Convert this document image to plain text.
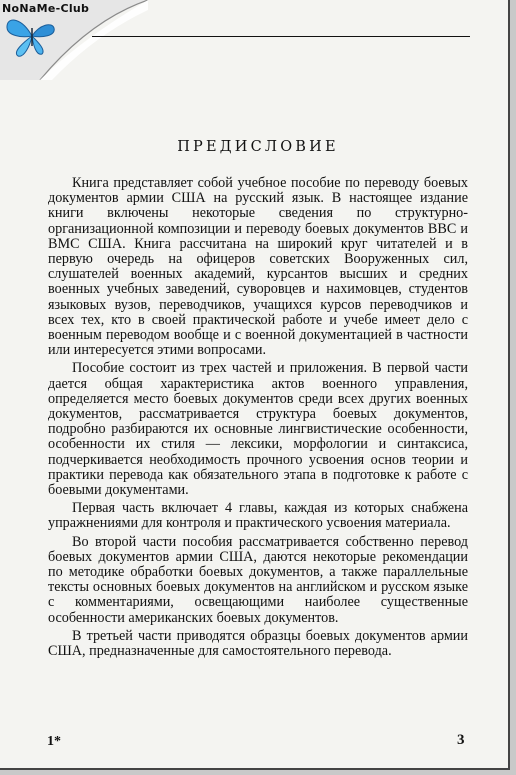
NoNaMe-Club
ПРЕДИСЛОВИЕ

Книга представляет собой учебное пособие по переводу боевых документов армии США на русский язык. В настоящее издание книги включены некоторые сведения по структурно-организационной композиции и переводу боевых документов ВВС и ВМС США. Книга рассчитана на широкий круг читателей и в первую очередь на офицеров советских Вооруженных сил, слушателей военных академий, курсантов высших и средних военных учебных заведений, суворовцев и нахимовцев, студентов языковых вузов, переводчиков, учащихся курсов переводчиков и всех тех, кто в своей практической работе и учебе имеет дело с военным переводом вообще и с военной документацией в частности или интересуется этими вопросами.

Пособие состоит из трех частей и приложения. В первой части дается общая характеристика актов военного управления, определяется место боевых документов среди всех других военных документов, рассматривается структура боевых документов, подробно разбираются их основные лингвистические особенности, особенности их стиля — лексики, морфологии и синтаксиса, подчеркивается необходимость прочного усвоения основ теории и практики перевода как обязательного этапа в подготовке к работе с боевыми документами.

Первая часть включает 4 главы, каждая из которых снабжена упражнениями для контроля и практического усвоения материала.

Во второй части пособия рассматривается собственно перевод боевых документов армии США, даются некоторые рекомендации по методике обработки боевых документов, а также параллельные тексты основных боевых документов на английском и русском языке с комментариями, освещающими наиболее существенные особенности американских боевых документов.

В третьей части приводятся образцы боевых документов армии США, предназначенные для самостоятельного перевода.

1*	3
